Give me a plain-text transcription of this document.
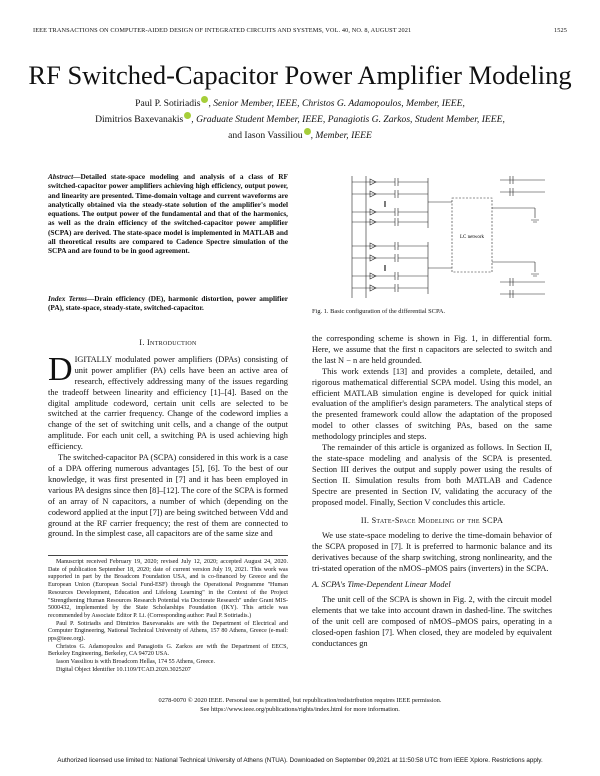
IEEE TRANSACTIONS ON COMPUTER-AIDED DESIGN OF INTEGRATED CIRCUITS AND SYSTEMS, VOL. 40, NO. 8, AUGUST 2021	1525
RF Switched-Capacitor Power Amplifier Modeling
Paul P. Sotiriadis , Senior Member, IEEE, Christos G. Adamopoulos, Member, IEEE,
Dimitrios Baxevanakis , Graduate Student Member, IEEE, Panagiotis G. Zarkos, Student Member, IEEE,
and Iason Vassiliou , Member, IEEE
Abstract—Detailed state-space modeling and analysis of a class of RF switched-capacitor power amplifiers achieving high efficiency, output power, and linearity are presented. Time-domain voltage and current waveforms are analytically obtained via the steady-state solution of the amplifier's model equations. The output power of the fundamental and that of the harmonics, as well as the drain efficiency of the switched-capacitor power amplifier (SCPA) are derived. The state-space model is implemented in MATLAB and all theoretical results are compared to Cadence Spectre simulation of the SCPA and are found to be in good agreement.
Index Terms—Drain efficiency (DE), harmonic distortion, power amplifier (PA), state-space, steady-state, switched-capacitor.
LC network
Fig. 1. Basic configuration of the differential SCPA.
I. Introduction

DIGITALLY modulated power amplifiers (DPAs) consisting of unit power amplifier (PA) cells have been an active area of research, effectively addressing many of the issues regarding the tradeoff between linearity and efficiency [1]–[4]. Based on the digital amplitude codeword, certain unit cells are selected to be switched at the carrier frequency. Change of the codeword implies a change of the set of switching unit cells, and a change of the output amplitude. For each unit cell, a switching PA is used achieving high efficiency.

The switched-capacitor PA (SCPA) considered in this work is a case of a DPA offering numerous advantages [5], [6]. To the best of our knowledge, it was first presented in [7] and it has been employed in various PA designs since then [8]–[12]. The core of the SCPA is formed of an array of N capacitors, a number of which (depending on the codeword applied at the input [7]) are being switched between Vdd and ground at the RF carrier frequency; the rest of them are connected to ground. In the simplest case, all capacitors are of the same size and

Manuscript received February 19, 2020; revised July 12, 2020; accepted August 24, 2020. Date of publication September 18, 2020; date of current version July 19, 2021. This work was supported in part by the Broadcom Foundation USA, and is co-financed by Greece and the European Union (European Social Fund-ESF) through the Operational Programme "Human Resources Development, Education and Lifelong Learning" in the Context of the Project "Strengthening Human Resources Research Potential via Doctorate Research" under Grant MIS-5000432, implemented by the State Scholarships Foundation (IKY). This article was recommended by Associate Editor P. Li. (Corresponding author: Paul P. Sotiriadis.)

Paul P. Sotiriadis and Dimitrios Baxevanakis are with the Department of Electrical and Computer Engineering, National Technical University of Athens, 157 80 Athens, Greece (e-mail: pps@ieee.org).

Christos G. Adamopoulos and Panagiotis G. Zarkos are with the Department of EECS, Berkeley Engineering, Berkeley, CA 94720 USA.

Iason Vassiliou is with Broadcom Hellas, 174 55 Athens, Greece.

Digital Object Identifier 10.1109/TCAD.2020.3025207

the corresponding scheme is shown in Fig. 1, in differential form. Here, we assume that the first n capacitors are selected to switch and the last N − n are held grounded.

This work extends [13] and provides a complete, detailed, and rigorous mathematical differential SCPA model. Using this model, an efficient MATLAB simulation engine is developed for quick initial evaluation of the amplifier's design parameters. The analytical steps of the presented framework could allow the adaptation of the proposed model to other classes of switching PAs, based on the same methodology principles and steps.

The remainder of this article is organized as follows. In Section II, the state-space modeling and analysis of the SCPA is presented. Section III derives the output and supply power using the results of Section II. Simulation results from both MATLAB and Cadence Spectre are presented in Section IV, validating the accuracy of the proposed model. Finally, Section V concludes this article.

II. State-Space Modeling of the SCPA

We use state-space modeling to derive the time-domain behavior of the SCPA proposed in [7]. It is preferred to harmonic balance and its derivatives because of the sharp switching, strong nonlinearity, and the tri-stated operation of the nMOS–pMOS pairs (inverters) in the SCPA.

A. SCPA's Time-Dependent Linear Model

The unit cell of the SCPA is shown in Fig. 2, with the circuit model elements that we take into account drawn in dashed-line. The switches of the unit cell are composed of nMOS–pMOS pairs, operating in a closed-open fashion [7]. When closed, they are modeled by equivalent conductances gn

0278-0070 © 2020 IEEE. Personal use is permitted, but republication/redistribution requires IEEE permission.
See https://www.ieee.org/publications/rights/index.html for more information.
Authorized licensed use limited to: National Technical University of Athens (NTUA). Downloaded on September 09,2021 at 11:50:58 UTC from IEEE Xplore. Restrictions apply.
